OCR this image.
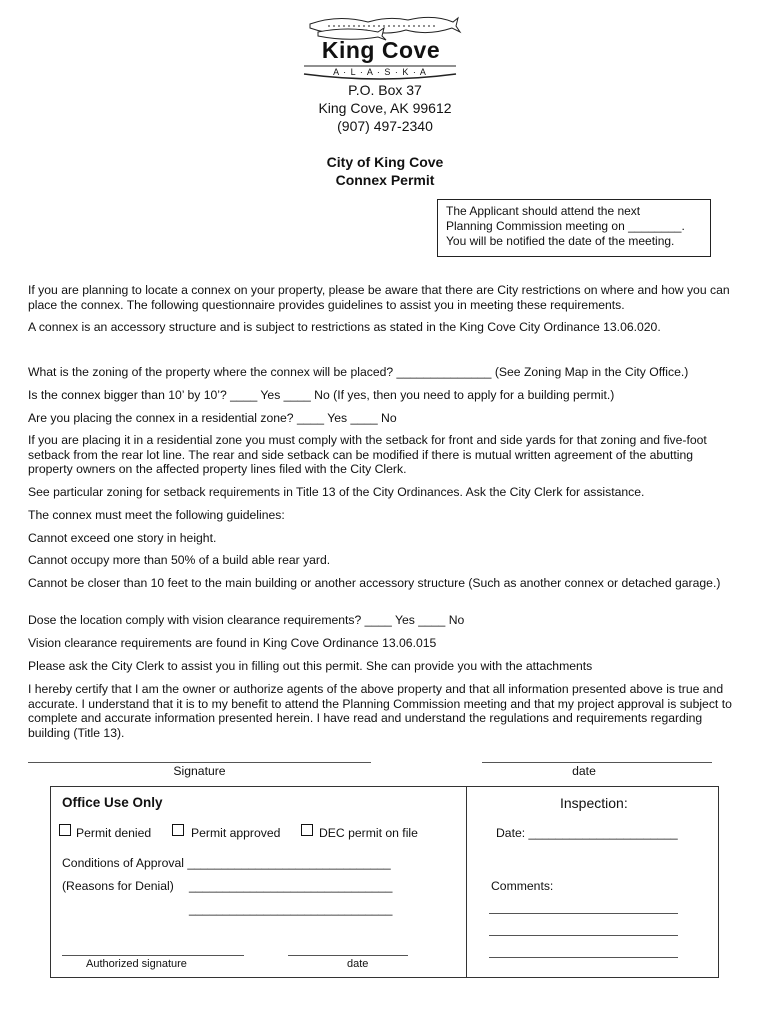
King Cove
A · L · A · S · K · A
P.O. Box 37
King Cove, AK 99612
(907) 497-2340
City of King Cove
Connex Permit
The Applicant should attend the next
Planning Commission meeting on ________.
You will be notified the date of the meeting.
If you are planning to locate a connex on your property, please be aware that there are City restrictions on where and how you can place the connex. The following questionnaire provides guidelines to assist you in meeting these requirements.
A connex is an accessory structure and is subject to restrictions as stated in the King Cove City Ordinance 13.06.020.
What is the zoning of the property where the connex will be placed? ______________ (See Zoning Map in the City Office.)
Is the connex bigger than 10’ by 10’? ____ Yes ____ No (If yes, then you need to apply for a building permit.)
Are you placing the connex in a residential zone? ____ Yes ____ No
If you are placing it in a residential zone you must comply with the setback for front and side yards for that zoning and five-foot setback from the rear lot line. The rear and side setback can be modified if there is mutual written agreement of the abutting property owners on the affected property lines filed with the City Clerk.
See particular zoning for setback requirements in Title 13 of the City Ordinances. Ask the City Clerk for assistance.
The connex must meet the following guidelines:
Cannot exceed one story in height.
Cannot occupy more than 50% of a build able rear yard.
Cannot be closer than 10 feet to the main building or another accessory structure (Such as another connex or detached garage.)
Dose the location comply with vision clearance requirements? ____ Yes ____ No
Vision clearance requirements are found in King Cove Ordinance 13.06.015
Please ask the City Clerk to assist you in filling out this permit. She can provide you with the attachments
I hereby certify that I am the owner or authorize agents of the above property and that all information presented above is true and accurate. I understand that it is to my benefit to attend the Planning Commission meeting and that my project approval is subject to complete and accurate information presented herein. I have read and understand the regulations and requirements regarding building (Title 13).
Signature	date
Office Use Only	Inspection:
Permit denied	Permit approved	DEC permit on file	Date: ______________________
Conditions of Approval ______________________________
(Reasons for Denial) ______________________________
______________________________
Comments:
Authorized signature	date
